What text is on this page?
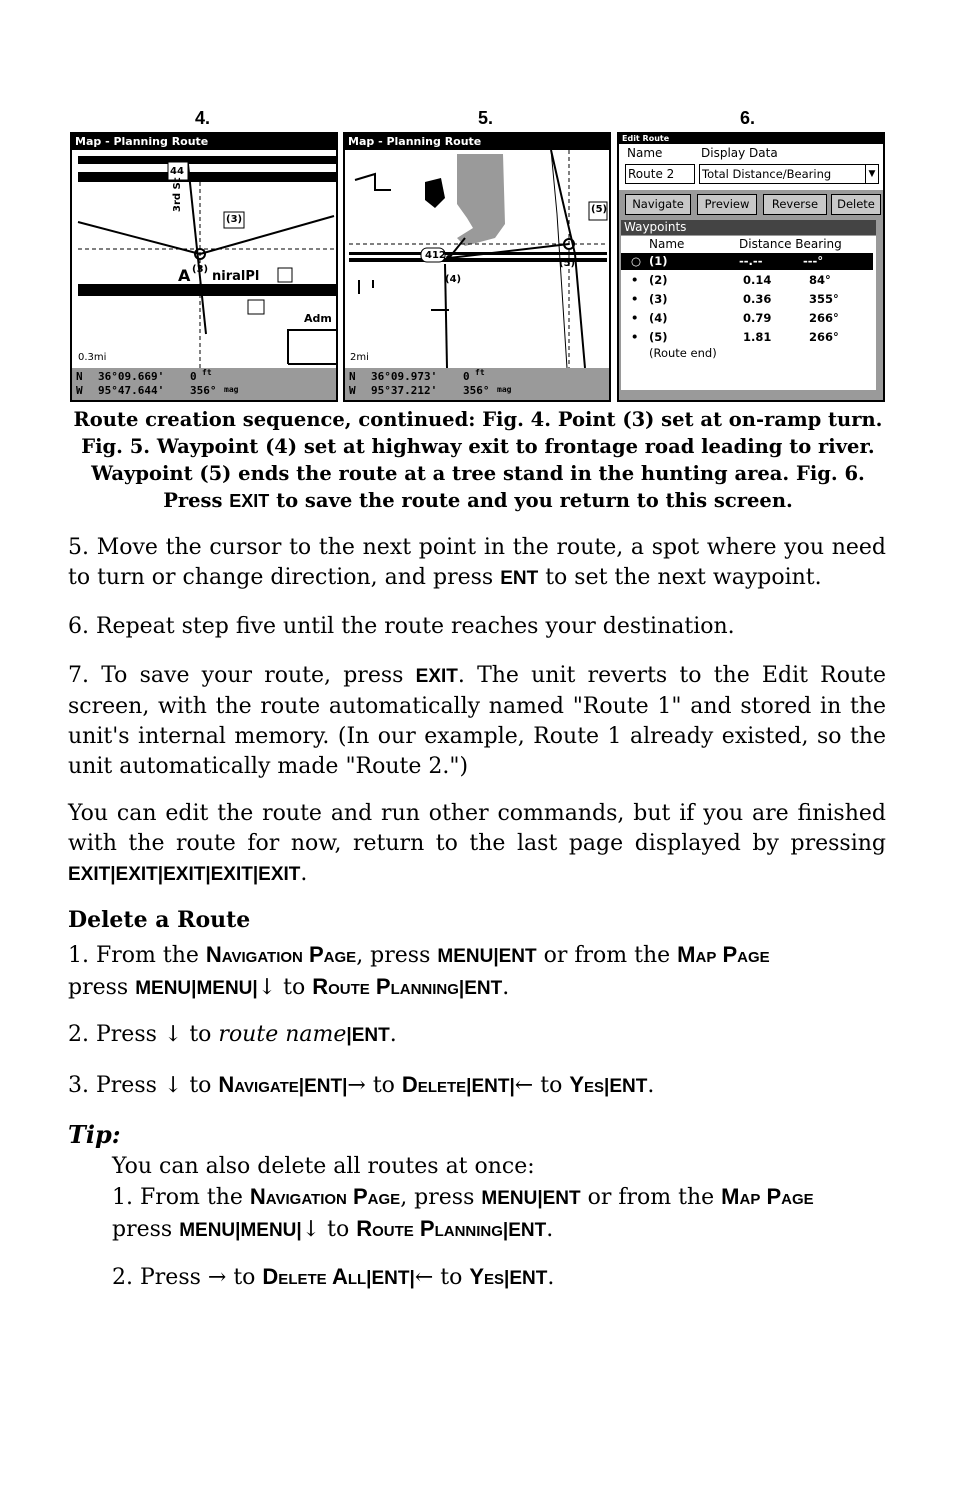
4.	5.	6.
Map - Planning Route
44
3rd St
(3)
A (3) niralPl
Adm
0.3mi
N 36°09.669'
W 95°47.644'
0 ft
356° mag
Map - Planning Route
412
(4)
(5)
(5)
2mi
N 36°09.973'
W 95°37.212'
0 ft
356° mag
Edit Route
Name	Display Data
Route 2	Total Distance/Bearing	▼
Navigate	Preview	Reverse	Delete
Waypoints
Name	Distance Bearing
○ (1)	--.--	---°
• (2)	0.14	84°
• (3)	0.36	355°
• (4)	0.79	266°
• (5)	1.81	266°
(Route end)
Route creation sequence, continued: Fig. 4. Point (3) set at on-ramp turn. Fig. 5. Waypoint (4) set at highway exit to frontage road leading to river. Waypoint (5) ends the route at a tree stand in the hunting area. Fig. 6. Press EXIT to save the route and you return to this screen.
5. Move the cursor to the next point in the route, a spot where you need to turn or change direction, and press ENT to set the next waypoint.
6. Repeat step five until the route reaches your destination.
7. To save your route, press EXIT. The unit reverts to the Edit Route screen, with the route automatically named "Route 1" and stored in the unit's internal memory. (In our example, Route 1 already existed, so the unit automatically made "Route 2.")
You can edit the route and run other commands, but if you are finished with the route for now, return to the last page displayed by pressing EXIT|EXIT|EXIT|EXIT|EXIT.
Delete a Route
1. From the Navigation Page, press MENU|ENT or from the Map Page
press MENU|MENU|↓ to Route Planning|ENT.
2. Press ↓ to route name|ENT.
3. Press ↓ to Navigate|ENT|→ to Delete|ENT|← to Yes|ENT.
Tip:
You can also delete all routes at once:
1. From the Navigation Page, press MENU|ENT or from the Map Page
press MENU|MENU|↓ to Route Planning|ENT.
2. Press → to Delete All|ENT|← to Yes|ENT.
